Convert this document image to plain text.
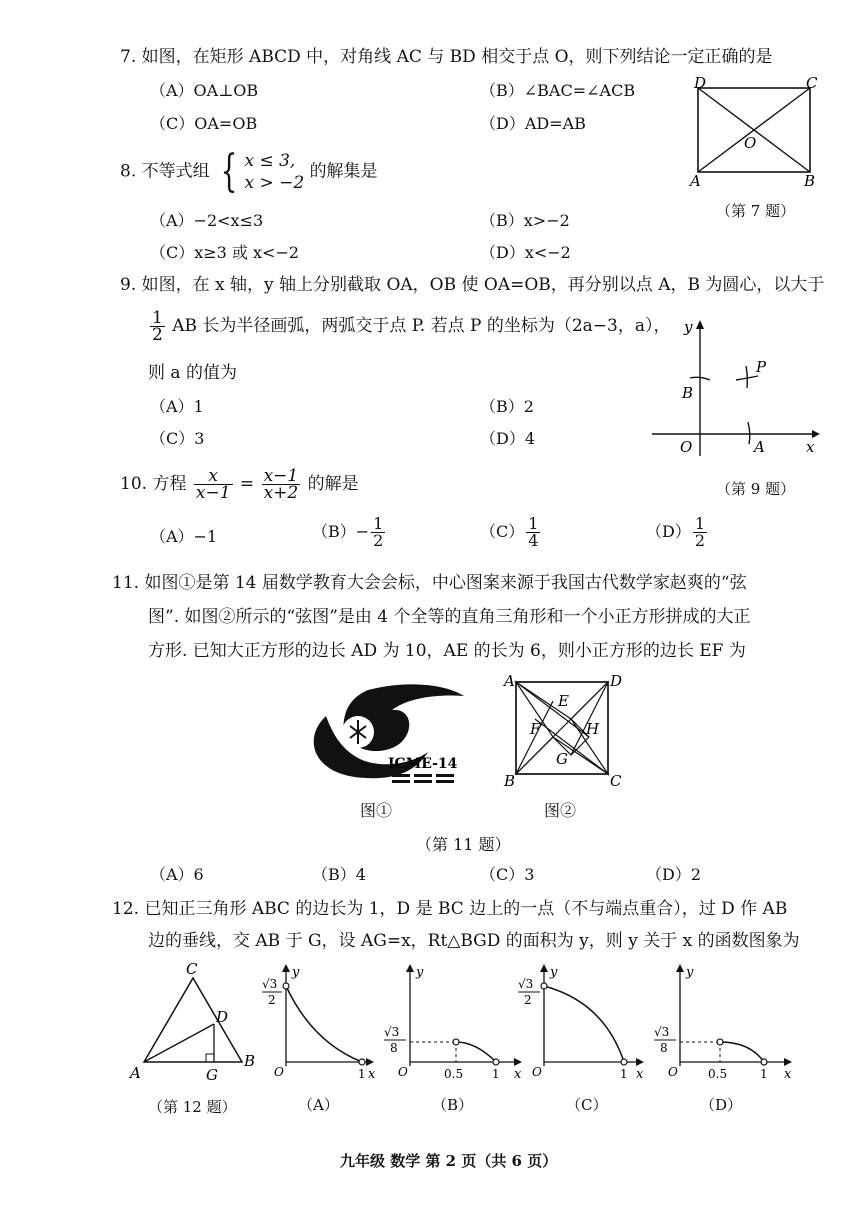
7. 如图，在矩形 ABCD 中，对角线 AC 与 BD 相交于点 O，则下列结论一定正确的是
（A）OA⊥OB	（B）∠BAC=∠ACB
（C）OA=OB	（D）AD=AB
D	C
O
A	B
（第 7 题）
8. 不等式组 { x ≤ 3,
x > −2
的解集是
（A）−2<x≤3	（B）x>−2
（C）x≥3 或 x<−2	（D）x<−2
9. 如图，在 x 轴，y 轴上分别截取 OA，OB 使 OA=OB，再分别以点 A，B 为圆心，以大于
$\frac{1}{2}$ AB 长为半径画弧，两弧交于点 P. 若点 P 的坐标为（2a−3，a），
则 a 的值为
（A）1	（B）2
（C）3	（D）4
y
x
O	A
B
P
（第 9 题）
10. 方程 $\frac{x}{x-1} = \frac{x-1}{x+2}$ 的解是
（A）−1	$(B)- \frac{1}{2}$	$(C) \frac{1}{4}$	$(D) \frac{1}{2}$
11. 如图①是第 14 届数学教育大会会标，中心图案来源于我国古代数学家赵爽的“弦
图”. 如图②所示的“弦图”是由 4 个全等的直角三角形和一个小正方形拼成的大正
方形. 已知大正方形的边长 AD 为 10，AE 的长为 6，则小正方形的边长 EF 为
ICME-14
A	D
E
F	H
G
B	C
图①	图②
（第 11 题）
（A）6	（B）4	（C）3	（D）2
12. 已知正三角形 ABC 的边长为 1，D 是 BC 边上的一点（不与端点重合），过 D 作 AB
边的垂线，交 AB 于 G，设 AG=x，Rt△BGD 的面积为 y，则 y 关于 x 的函数图象为
C
D
A	G
B
y
x
O	1
√3
2
y
x
O	1
0.5
√3
8
y
x
O	1
√3
2
y
x
O	1
0.5
√3
8
（第 12 题）	（A）	（B）	（C）	（D）
九年级 数学 第 2 页（共 6 页）
